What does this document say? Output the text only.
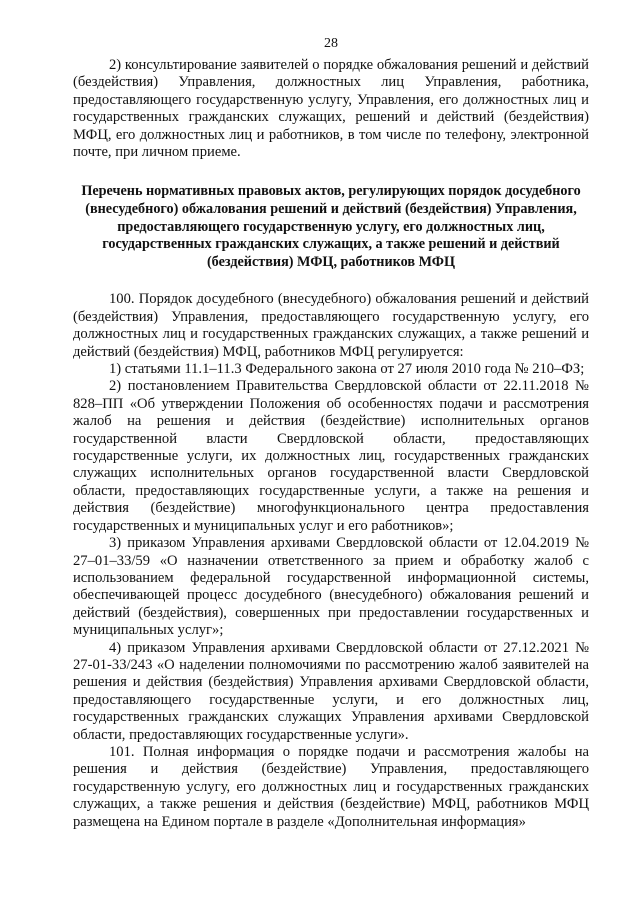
28

2) консультирование заявителей о порядке обжалования решений и действий (бездействия) Управления, должностных лиц Управления, работника, предоставляющего государственную услугу, Управления, его должностных лиц и государственных гражданских служащих, решений и действий (бездействия) МФЦ, его должностных лиц и работников, в том числе по телефону, электронной почте, при личном приеме.

Перечень нормативных правовых актов, регулирующих порядок досудебного (внесудебного) обжалования решений и действий (бездействия) Управления, предоставляющего государственную услугу, его должностных лиц, государственных гражданских служащих, а также решений и действий (бездействия) МФЦ, работников МФЦ

100. Порядок досудебного (внесудебного) обжалования решений и действий (бездействия) Управления, предоставляющего государственную услугу, его должностных лиц и государственных гражданских служащих, а также решений и действий (бездействия) МФЦ, работников МФЦ регулируется:

1) статьями 11.1–11.3 Федерального закона от 27 июля 2010 года № 210–ФЗ;

2) постановлением Правительства Свердловской области от 22.11.2018 № 828–ПП «Об утверждении Положения об особенностях подачи и рассмотрения жалоб на решения и действия (бездействие) исполнительных органов государственной власти Свердловской области, предоставляющих государственные услуги, их должностных лиц, государственных гражданских служащих исполнительных органов государственной власти Свердловской области, предоставляющих государственные услуги, а также на решения и действия (бездействие) многофункционального центра предоставления государственных и муниципальных услуг и его работников»;

3) приказом Управления архивами Свердловской области от 12.04.2019 № 27–01–33/59 «О назначении ответственного за прием и обработку жалоб с использованием федеральной государственной информационной системы, обеспечивающей процесс досудебного (внесудебного) обжалования решений и действий (бездействия), совершенных при предоставлении государственных и муниципальных услуг»;

4) приказом Управления архивами Свердловской области от 27.12.2021 № 27-01-33/243 «О наделении полномочиями по рассмотрению жалоб заявителей на решения и действия (бездействия) Управления архивами Свердловской области, предоставляющего государственные услуги, и его должностных лиц, государственных гражданских служащих Управления архивами Свердловской области, предоставляющих государственные услуги».

101. Полная информация о порядке подачи и рассмотрения жалобы на решения и действия (бездействие) Управления, предоставляющего государственную услугу, его должностных лиц и государственных гражданских служащих, а также решения и действия (бездействие) МФЦ, работников МФЦ размещена на Едином портале в разделе «Дополнительная информация»
